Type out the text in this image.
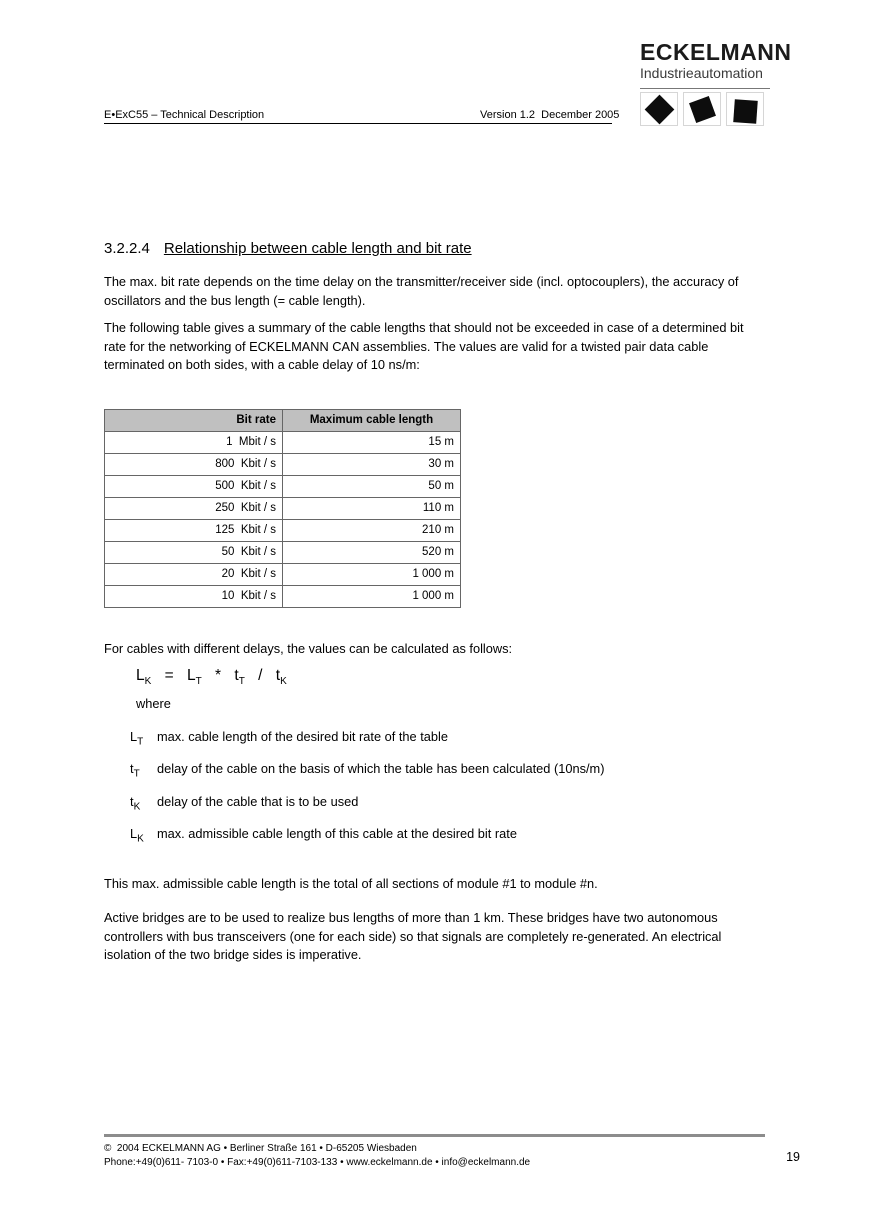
ECKELMANN
Industrieautomation
E•ExC55 – Technical Description	Version 1.2  December 2005
3.2.2.4 Relationship between cable length and bit rate

The max. bit rate depends on the time delay on the transmitter/receiver side (incl. optocouplers), the accuracy of oscillators and the bus length (= cable length).

The following table gives a summary of the cable lengths that should not be exceeded in case of a determined bit rate for the networking of ECKELMANN CAN assemblies. The values are valid for a twisted pair data cable terminated on both sides, with a cable delay of 10 ns/m:

Bit rate	Maximum cable length
1  Mbit / s	15 m
800  Kbit / s	30 m
500  Kbit / s	50 m
250  Kbit / s	110 m
125  Kbit / s	210 m
50  Kbit / s	520 m
20  Kbit / s	1 000 m
10  Kbit / s	1 000 m

For cables with different delays, the values can be calculated as follows:

$L_K = L_T * t_T / t_K$

where

$L_T$	max. cable length of the desired bit rate of the table
$t_T$	delay of the cable on the basis of which the table has been calculated (10ns/m)
$t_K$	delay of the cable that is to be used
$L_K$	max. admissible cable length of this cable at the desired bit rate

This max. admissible cable length is the total of all sections of module #1 to module #n.

Active bridges are to be used to realize bus lengths of more than 1 km. These bridges have two autonomous controllers with bus transceivers (one for each side) so that signals are completely re-generated. An electrical isolation of the two bridge sides is imperative.

©  2004 ECKELMANN AG • Berliner Straße 161 • D-65205 Wiesbaden
Phone:+49(0)611- 7103-0 • Fax:+49(0)611-7103-133 • www.eckelmann.de • info@eckelmann.de	19
